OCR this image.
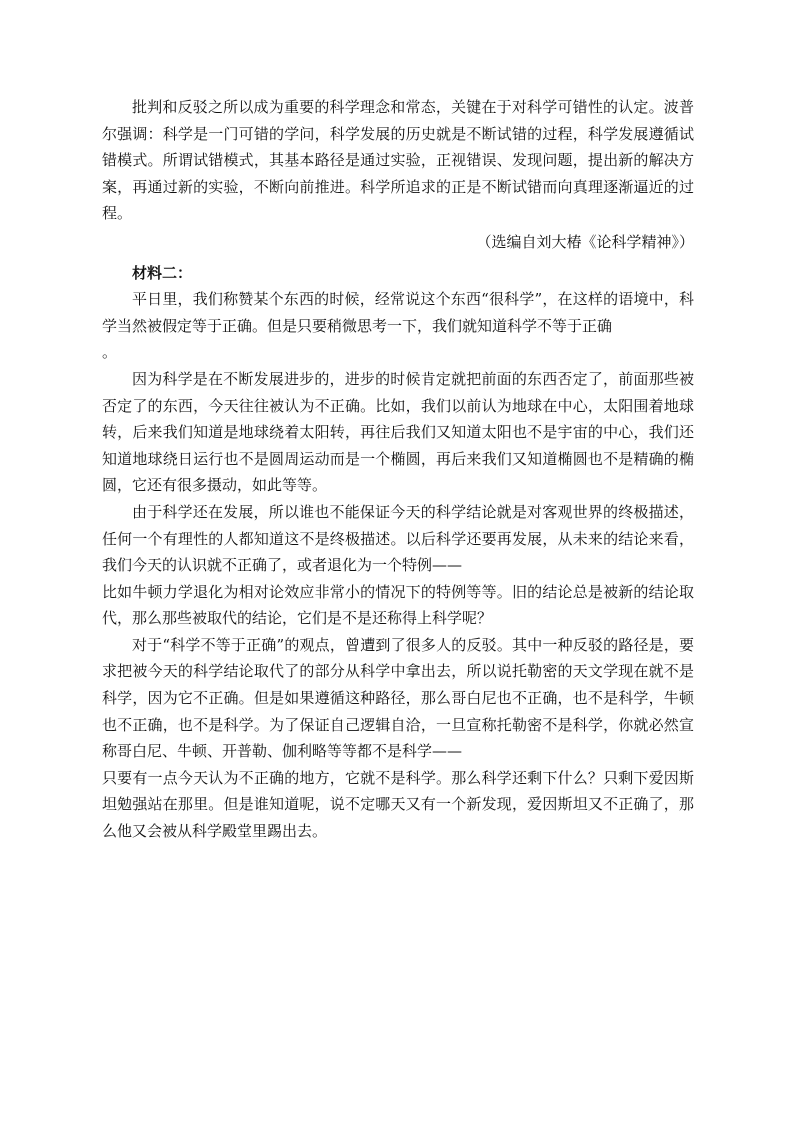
批判和反驳之所以成为重要的科学理念和常态，关键在于对科学可错性的认定。波普尔强调：科学是一门可错的学问，科学发展的历史就是不断试错的过程，科学发展遵循试错模式。所谓试错模式，其基本路径是通过实验，正视错误、发现问题，提出新的解决方案，再通过新的实验，不断向前推进。科学所追求的正是不断试错而向真理逐渐逼近的过程。

（选编自刘大椿《论科学精神》）

材料二：

平日里，我们称赞某个东西的时候，经常说这个东西“很科学”，在这样的语境中，科学当然被假定等于正确。但是只要稍微思考一下，我们就知道科学不等于正确

。

因为科学是在不断发展进步的，进步的时候肯定就把前面的东西否定了，前面那些被否定了的东西，今天往往被认为不正确。比如，我们以前认为地球在中心，太阳围着地球转，后来我们知道是地球绕着太阳转，再往后我们又知道太阳也不是宇宙的中心，我们还知道地球绕日运行也不是圆周运动而是一个椭圆，再后来我们又知道椭圆也不是精确的椭圆，它还有很多摄动，如此等等。

由于科学还在发展，所以谁也不能保证今天的科学结论就是对客观世界的终极描述，任何一个有理性的人都知道这不是终极描述。以后科学还要再发展，从未来的结论来看，我们今天的认识就不正确了，或者退化为一个特例——

比如牛顿力学退化为相对论效应非常小的情况下的特例等等。旧的结论总是被新的结论取代，那么那些被取代的结论，它们是不是还称得上科学呢？

对于“科学不等于正确”的观点，曾遭到了很多人的反驳。其中一种反驳的路径是，要求把被今天的科学结论取代了的部分从科学中拿出去，所以说托勒密的天文学现在就不是科学，因为它不正确。但是如果遵循这种路径，那么哥白尼也不正确，也不是科学，牛顿也不正确，也不是科学。为了保证自己逻辑自洽，一旦宣称托勒密不是科学，你就必然宣称哥白尼、牛顿、开普勒、伽利略等等都不是科学——

只要有一点今天认为不正确的地方，它就不是科学。那么科学还剩下什么？只剩下爱因斯坦勉强站在那里。但是谁知道呢，说不定哪天又有一个新发现，爱因斯坦又不正确了，那么他又会被从科学殿堂里踢出去。
